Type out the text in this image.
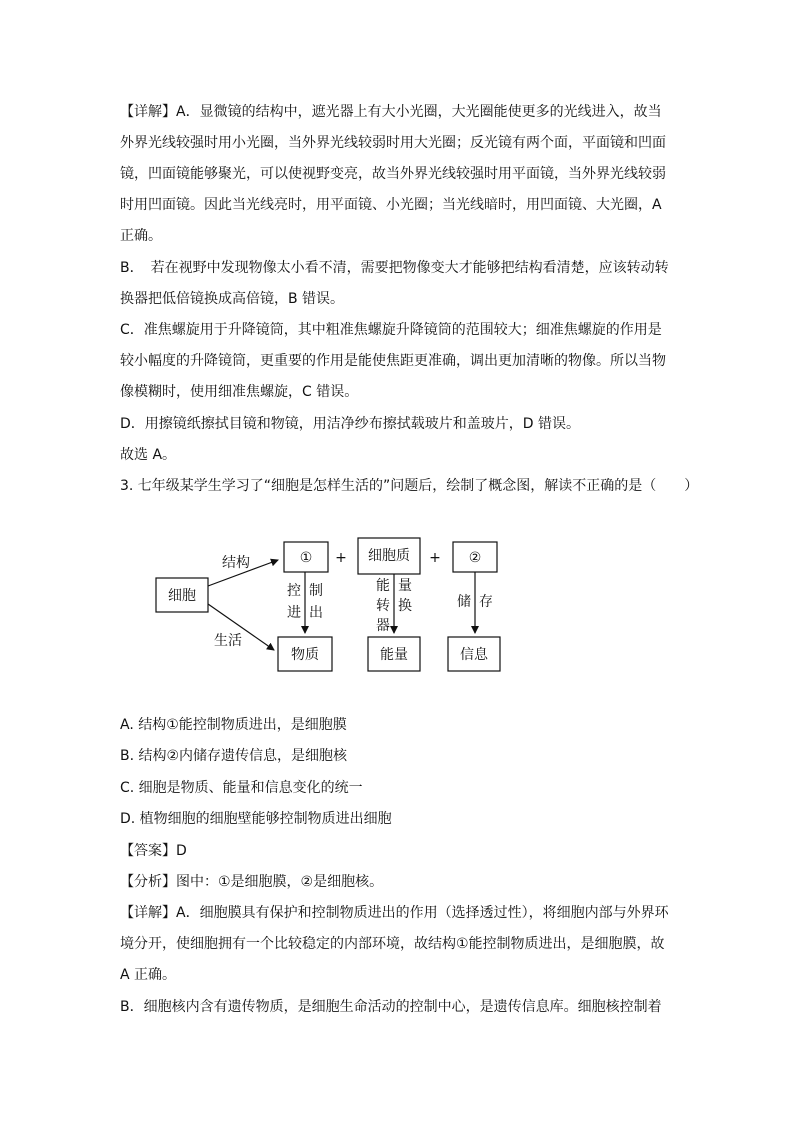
【详解】A．显微镜的结构中，遮光器上有大小光圈，大光圈能使更多的光线进入，故当
外界光线较强时用小光圈，当外界光线较弱时用大光圈；反光镜有两个面，平面镜和凹面
镜，凹面镜能够聚光，可以使视野变亮，故当外界光线较强时用平面镜，当外界光线较弱
时用凹面镜。因此当光线亮时，用平面镜、小光圈；当光线暗时，用凹面镜、大光圈，A
正确。
B．　若在视野中发现物像太小看不清，需要把物像变大才能够把结构看清楚，应该转动转
换器把低倍镜换成高倍镜，B 错误。
C．准焦螺旋用于升降镜筒，其中粗准焦螺旋升降镜筒的范围较大；细准焦螺旋的作用是
较小幅度的升降镜筒，更重要的作用是能使焦距更准确，调出更加清晰的物像。所以当物
像模糊时，使用细准焦螺旋，C 错误。
D．用擦镜纸擦拭目镜和物镜，用洁净纱布擦拭载玻片和盖玻片，D 错误。
故选 A。
3. 七年级某学生学习了“细胞是怎样生活的”问题后，绘制了概念图，解读不正确的是（　　）
细胞
结构
生活
① + 细胞质 + ②
控 制
进 出
能 量
转 换
器
储 存
物质	能量	信息
A. 结构①能控制物质进出，是细胞膜
B. 结构②内储存遗传信息，是细胞核
C. 细胞是物质、能量和信息变化的统一
D. 植物细胞的细胞壁能够控制物质进出细胞
【答案】D
【分析】图中：①是细胞膜，②是细胞核。
【详解】A．细胞膜具有保护和控制物质进出的作用（选择透过性），将细胞内部与外界环
境分开，使细胞拥有一个比较稳定的内部环境，故结构①能控制物质进出，是细胞膜，故
A 正确。
B．细胞核内含有遗传物质，是细胞生命活动的控制中心，是遗传信息库。细胞核控制着
